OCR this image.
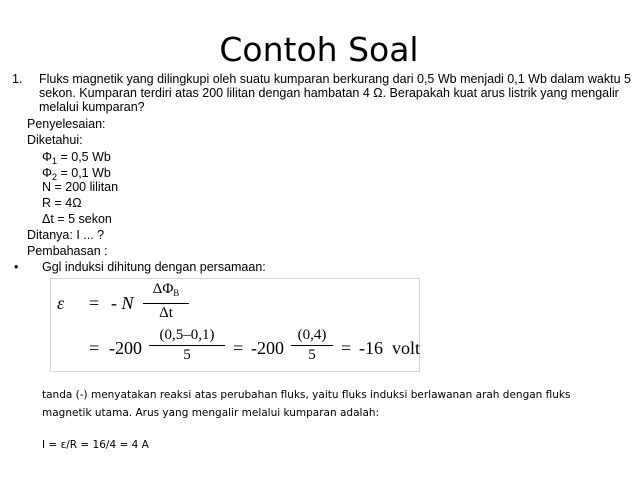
Contoh Soal
1. Fluks magnetik yang dilingkupi oleh suatu kumparan berkurang dari 0,5 Wb menjadi 0,1 Wb dalam waktu 5 sekon. Kumparan terdiri atas 200 lilitan dengan hambatan 4 Ω. Berapakah kuat arus listrik yang mengalir melalui kumparan?
Penyelesaian:
Diketahui:
$\Phi_1 = 0,5$ Wb
$\Phi_2 = 0,1$ Wb
N = 200 lilitan
R = 4Ω
Δt = 5 sekon
Ditanya: I ... ?
Pembahasan :
• Ggl induksi dihitung dengan persamaan:
ε = - N
$\Delta\Phi_B$
Δt
= -200
(0,5–0,1)
5	= -200
(0,4)
5	= -16  volt
tanda (-) menyatakan reaksi atas perubahan fluks, yaitu fluks induksi berlawanan arah dengan fluks magnetik utama. Arus yang mengalir melalui kumparan adalah:
I = ε/R = 16/4 = 4 A
